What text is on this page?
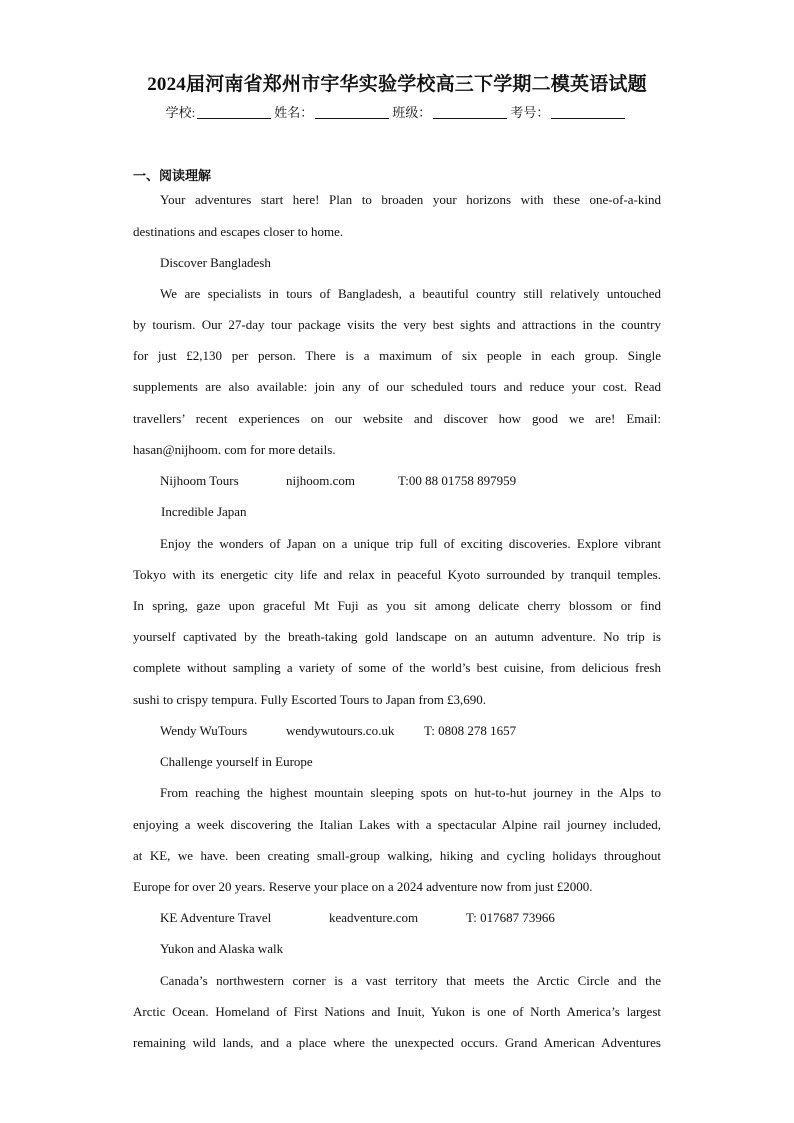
2024届河南省郑州市宇华实验学校高三下学期二模英语试题
学校:	姓名：	班级：	考号：
一、阅读理解
Your adventures start here! Plan to broaden your horizons with these one-of-a-kind
destinations and escapes closer to home.
Discover Bangladesh
We are specialists in tours of Bangladesh, a beautiful country still relatively untouched
by tourism. Our 27-day tour package visits the very best sights and attractions in the country
for just £2,130 per person. There is a maximum of six people in each group. Single
supplements are also available: join any of our scheduled tours and reduce your cost. Read
travellers’ recent experiences on our website and discover how good we are! Email:
hasan@nijhoom. com for more details.
Nijhoom Tours	nijhoom.com	T:00 88 01758 897959
Incredible Japan
Enjoy the wonders of Japan on a unique trip full of exciting discoveries. Explore vibrant
Tokyo with its energetic city life and relax in peaceful Kyoto surrounded by tranquil temples.
In spring, gaze upon graceful Mt Fuji as you sit among delicate cherry blossom or find
yourself captivated by the breath-taking gold landscape on an autumn adventure. No trip is
complete without sampling a variety of some of the world’s best cuisine, from delicious fresh
sushi to crispy tempura. Fully Escorted Tours to Japan from £3,690.
Wendy WuTours	wendywutours.co.uk T: 0808 278 1657
Challenge yourself in Europe
From reaching the highest mountain sleeping spots on hut-to-hut journey in the Alps to
enjoying a week discovering the Italian Lakes with a spectacular Alpine rail journey included,
at KE, we have. been creating small-group walking, hiking and cycling holidays throughout
Europe for over 20 years. Reserve your place on a 2024 adventure now from just £2000.
KE Adventure Travel	keadventure.com	T: 017687 73966
Yukon and Alaska walk
Canada’s northwestern corner is a vast territory that meets the Arctic Circle and the
Arctic Ocean. Homeland of First Nations and Inuit, Yukon is one of North America’s largest
remaining wild lands, and a place where the unexpected occurs. Grand American Adventures
